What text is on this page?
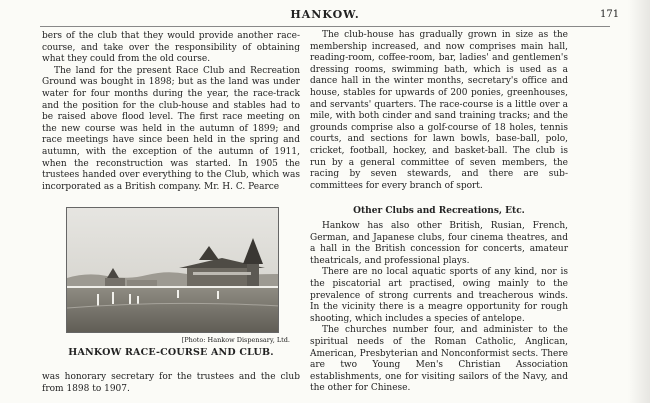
HANKOW.	171

bers of the club that they would provide another race-course, and take over the responsibility of obtaining what they could from the old course.

The land for the present Race Club and Recreation Ground was bought in 1898; but as the land was under water for four months during the year, the race-track and the position for the club-house and stables had to be raised above flood level. The first race meeting on the new course was held in the autumn of 1899; and race meetings have since been held in the spring and autumn, with the exception of the autumn of 1911, when the reconstruction was started. In 1905 the trustees handed over everything to the Club, which was incorporated as a British company. Mr. H. C. Pearce

[Photo: Hankow Dispensary, Ltd.
HANKOW RACE-COURSE AND CLUB.
was honorary secretary for the trustees and the club from 1898 to 1907.

The club-house has gradually grown in size as the membership increased, and now comprises main hall, reading-room, coffee-room, bar, ladies' and gentlemen's dressing rooms, swimming bath, which is used as a dance hall in the winter months, secretary's office and house, stables for upwards of 200 ponies, greenhouses, and servants' quarters. The race-course is a little over a mile, with both cinder and sand training tracks; and the grounds comprise also a golf-course of 18 holes, tennis courts, and sections for lawn bowls, base-ball, polo, cricket, football, hockey, and basket-ball. The club is run by a general committee of seven members, the racing by seven stewards, and there are sub-committees for every branch of sport.

Other Clubs and Recreations, Etc.

Hankow has also other British, Rusian, French, German, and Japanese clubs, four cinema theatres, and a hall in the British concession for concerts, amateur theatricals, and professional plays.

There are no local aquatic sports of any kind, nor is the piscatorial art practised, owing mainly to the prevalence of strong currents and treacherous winds. In the vicinity there is a meagre opportunity for rough shooting, which includes a species of antelope.

The churches number four, and administer to the spiritual needs of the Roman Catholic, Anglican, American, Presbyterian and Nonconformist sects. There are two Young Men's Christian Association establishments, one for visiting sailors of the Navy, and the other for Chinese.
